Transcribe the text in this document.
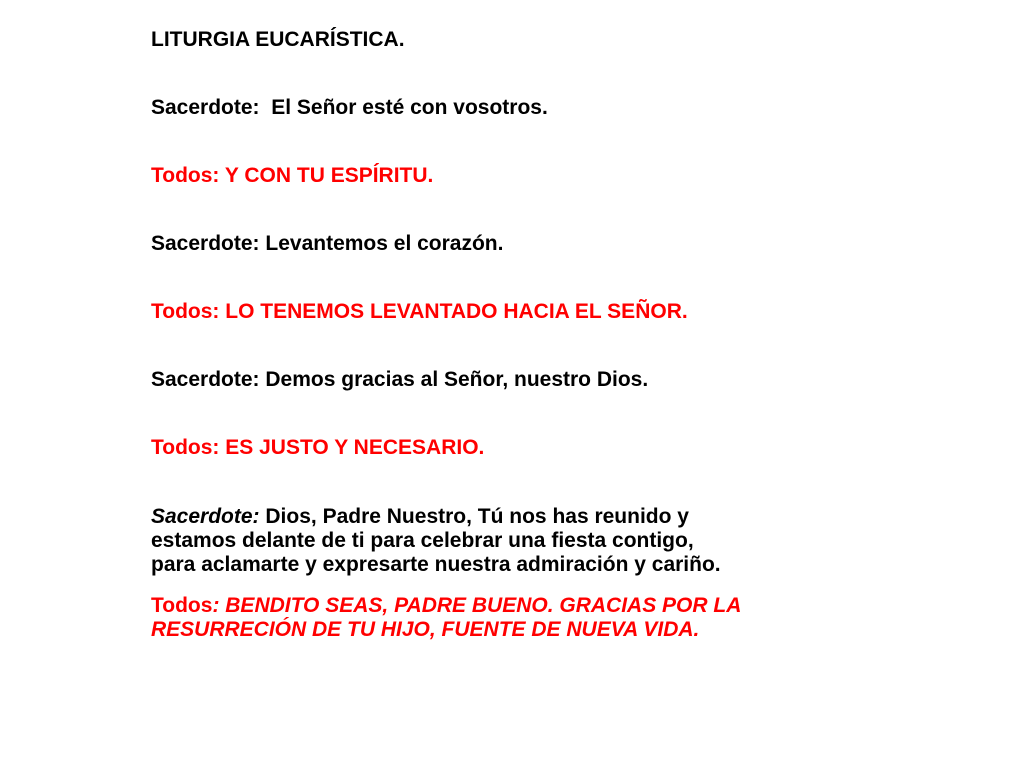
LITURGIA EUCARÍSTICA.
Sacerdote: El Señor esté con vosotros.
Todos: Y CON TU ESPÍRITU.
Sacerdote: Levantemos el corazón.
Todos: LO TENEMOS LEVANTADO HACIA EL SEÑOR.
Sacerdote: Demos gracias al Señor, nuestro Dios.
Todos: ES JUSTO Y NECESARIO.
Sacerdote: Dios, Padre Nuestro, Tú nos has reunido y
estamos delante de ti para celebrar una fiesta contigo,
para aclamarte y expresarte nuestra admiración y cariño.
Todos: BENDITO SEAS, PADRE BUENO. GRACIAS POR LA
RESURRECIÓN DE TU HIJO, FUENTE DE NUEVA VIDA.
